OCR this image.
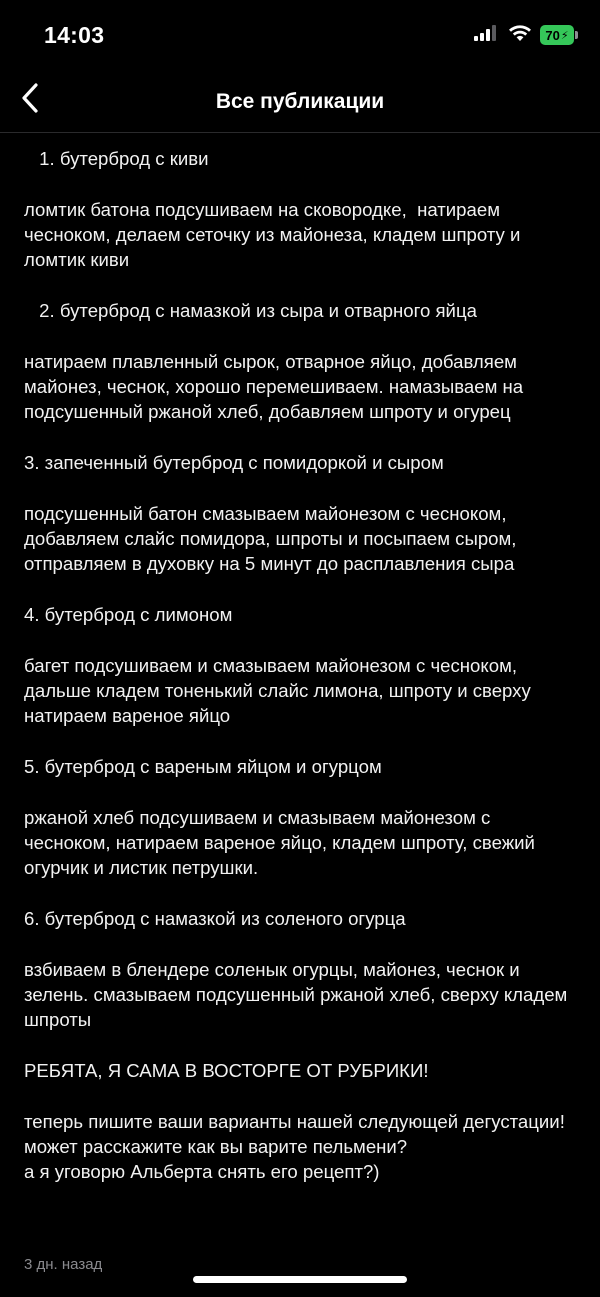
14:03	70 ⚡
Все публикации

1. бутерброд с киви

ломтик батона подсушиваем на сковородке,  натираем чесноком, делаем сеточку из майонеза, кладем шпроту и ломтик киви

2. бутерброд с намазкой из сыра и отварного яйца

натираем плавленный сырок, отварное яйцо, добавляем майонез, чеснок, хорошо перемешиваем. намазываем на подсушенный ржаной хлеб, добавляем шпроту и огурец

3. запеченный бутерброд с помидоркой и сыром

подсушенный батон смазываем майонезом с чесноком, добавляем слайс помидора, шпроты и посыпаем сыром, отправляем в духовку на 5 минут до расплавления сыра

4. бутерброд с лимоном

багет подсушиваем и смазываем майонезом с чесноком, дальше кладем тоненький слайс лимона, шпроту и сверху натираем вареное яйцо

5. бутерброд с вареным яйцом и огурцом

ржаной хлеб подсушиваем и смазываем майонезом с чесноком, натираем вареное яйцо, кладем шпроту, свежий огурчик и листик петрушки.

6. бутерброд с намазкой из соленого огурца

взбиваем в блендере соленык огурцы, майонез, чеснок и зелень. смазываем подсушенный ржаной хлеб, сверху кладем шпроты

РЕБЯТА, Я САМА В ВОСТОРГЕ ОТ РУБРИКИ!

теперь пишите ваши варианты нашей следующей дегустации! может расскажите как вы варите пельмени?
а я уговорю Альберта снять его рецепт?)

3 дн. назад
